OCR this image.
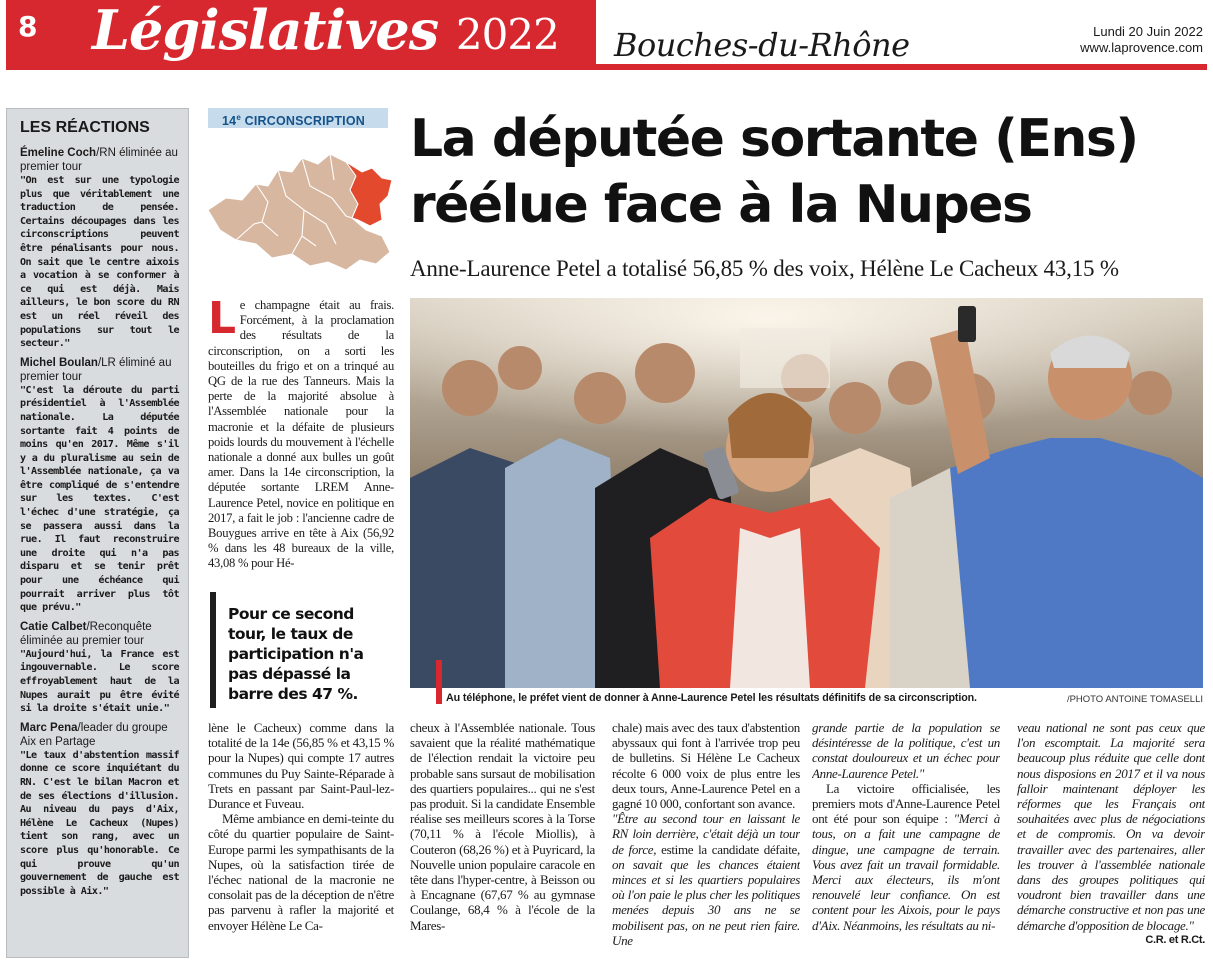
8 Législatives 2022 Bouches-du-Rhône	Lundi 20 Juin 2022
www.laprovence.com
LES RÉACTIONS
Émeline Coch/RN éliminée au premier tour
"On est sur une typologie plus que véritablement une traduction de pensée. Certains découpages dans les circonscriptions peuvent être pénalisants pour nous. On sait que le centre aixois a vocation à se conformer à ce qui est déjà. Mais ailleurs, le bon score du RN est un réel réveil des populations sur tout le secteur."
Michel Boulan/LR éliminé au premier tour
"C'est la déroute du parti présidentiel à l'Assemblée nationale. La députée sortante fait 4 points de moins qu'en 2017. Même s'il y a du pluralisme au sein de l'Assemblée nationale, ça va être compliqué de s'entendre sur les textes. C'est l'échec d'une stratégie, ça se passera aussi dans la rue. Il faut reconstruire une droite qui n'a pas disparu et se tenir prêt pour une échéance qui pourrait arriver plus tôt que prévu."
Catie Calbet/Reconquête éliminée au premier tour
"Aujourd'hui, la France est ingouvernable. Le score effroyablement haut de la Nupes aurait pu être évité si la droite s'était unie."
Marc Pena/leader du groupe Aix en Partage
"Le taux d'abstention massif donne ce score inquiétant du RN. C'est le bilan Macron et de ses élections d'illusion. Au niveau du pays d'Aix, Hélène Le Cacheux (Nupes) tient son rang, avec un score plus qu'honorable. Ce qui prouve qu'un gouvernement de gauche est possible à Aix."
14e CIRCONSCRIPTION La députée sortante (Ens) réélue face à la Nupes
Anne-Laurence Petel a totalisé 56,85 % des voix, Hélène Le Cacheux 43,15 %
Le champagne était au frais. Forcément, à la proclamation des résultats de la circonscription, on a sorti les bouteilles du frigo et on a trinqué au QG de la rue des Tanneurs. Mais la perte de la majorité absolue à l'Assemblée nationale pour la macronie et la défaite de plusieurs poids lourds du mouvement à l'échelle nationale a donné aux bulles un goût amer. Dans la 14e circonscription, la députée sortante LREM Anne-Laurence Petel, novice en politique en 2017, a fait le job : l'ancienne cadre de Bouygues arrive en tête à Aix (56,92 % dans les 48 bureaux de la ville, 43,08 % pour Hé-
Pour ce second tour, le taux de participation n'a pas dépassé la barre des 47 %.	Au téléphone, le préfet vient de donner à Anne-Laurence Petel les résultats définitifs de sa circonscription.	/PHOTO ANTOINE TOMASELLI

lène le Cacheux) comme dans la totalité de la 14e (56,85 % et 43,15 % pour la Nupes) qui compte 17 autres communes du Puy Sainte-Réparade à Trets en passant par Saint-Paul-lez-Durance et Fuveau.

Même ambiance en demi-teinte du côté du quartier populaire de Saint-Europe parmi les sympathisants de la Nupes, où la satisfaction tirée de l'échec national de la macronie ne consolait pas de la déception de n'être pas parvenu à rafler la majorité et envoyer Hélène Le Ca-

cheux à l'Assemblée nationale. Tous savaient que la réalité mathématique de l'élection rendait la victoire peu probable sans sursaut de mobilisation des quartiers populaires... qui ne s'est pas produit. Si la candidate Ensemble réalise ses meilleurs scores à la Torse (70,11 % à l'école Miollis), à Couteron (68,26 %) et à Puyricard, la Nouvelle union populaire caracole en tête dans l'hyper-centre, à Beisson ou à Encagnane (67,67 % au gymnase Coulange, 68,4 % à l'école de la Mares-

chale) mais avec des taux d'abstention abyssaux qui font à l'arrivée trop peu de bulletins. Si Hélène Le Cacheux récolte 6 000 voix de plus entre les deux tours, Anne-Laurence Petel en a gagné 10 000, confortant son avance.

"Être au second tour en laissant le RN loin derrière, c'était déjà un tour de force, estime la candidate défaite, on savait que les chances étaient minces et si les quartiers populaires où l'on paie le plus cher les politiques menées depuis 30 ans ne se mobilisent pas, on ne peut rien faire. Une

grande partie de la population se désintéresse de la politique, c'est un constat douloureux et un échec pour Anne-Laurence Petel."

La victoire officialisée, les premiers mots d'Anne-Laurence Petel ont été pour son équipe : "Merci à tous, on a fait une campagne de dingue, une campagne de terrain. Vous avez fait un travail formidable. Merci aux électeurs, ils m'ont renouvelé leur confiance. On est content pour les Aixois, pour le pays d'Aix. Néanmoins, les résultats au ni-

veau national ne sont pas ceux que l'on escomptait. La majorité sera beaucoup plus réduite que celle dont nous disposions en 2017 et il va nous falloir maintenant déployer les réformes que les Français ont souhaitées avec plus de négociations et de compromis. On va devoir travailler avec des partenaires, aller les trouver à l'assemblée nationale dans des groupes politiques qui voudront bien travailler dans une démarche constructive et non pas une démarche d'opposition de blocage."

C.R. et R.Ct.
